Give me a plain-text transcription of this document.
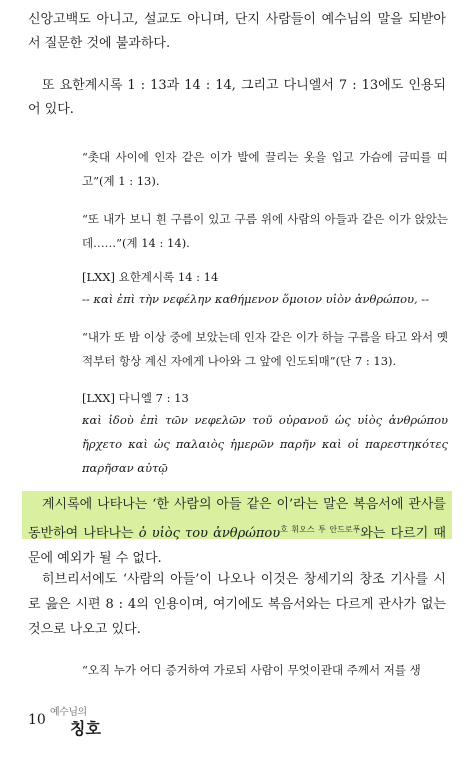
신앙고백도 아니고, 설교도 아니며, 단지 사람들이 예수님의 말을 되받아서 질문한 것에 불과하다.

또 요한계시록 1 : 13과 14 : 14, 그리고 다니엘서 7 : 13에도 인용되어 있다.

“촛대 사이에 인자 같은 이가 발에 끌리는 옷을 입고 가슴에 금띠를 띠고”(계 1 : 13).

“또 내가 보니 흰 구름이 있고 구름 위에 사람의 아들과 같은 이가 앉았는데……”(계 14 : 14).

[LXX] 요한계시록 14 : 14

-- καὶ ἐπὶ τὴν νεφέλην καθήμενον ὅμοιον υἱὸν ἀνθρώπου, --

“내가 또 밤 이상 중에 보았는데 인자 같은 이가 하늘 구름을 타고 와서 옛적부터 항상 계신 자에게 나아와 그 앞에 인도되매”(단 7 : 13).

[LXX] 다니엘 7 : 13

καὶ ἰδοὺ ἐπὶ τῶν νεφελῶν τοῦ οὐρανοῦ ὡς υἱὸς ἀνθρώπου ἤρχετο καὶ ὡς παλαιὸς ἡμερῶν παρῆν καὶ οἱ παρεστηκότες παρῆσαν αὐτῷ

계시록에 나타나는 ‘한 사람의 아들 같은 이’라는 말은 복음서에 관사를 동반하여 나타나는 ὁ υἱὸς του ἀνθρώπου$^{호 휘오스 투 안드로푸}$와는 다르기 때문에 예외가 될 수 없다.

히브리서에도 ‘사람의 아들’이 나오나 이것은 창세기의 창조 기사를 시로 읊은 시편 8 : 4의 인용이며, 여기에도 복음서와는 다르게 관사가 없는 것으로 나오고 있다.

“오직 누가 어디 증거하여 가로되 사람이 무엇이관대 주께서 저를 생

10 예수님의
칭호
